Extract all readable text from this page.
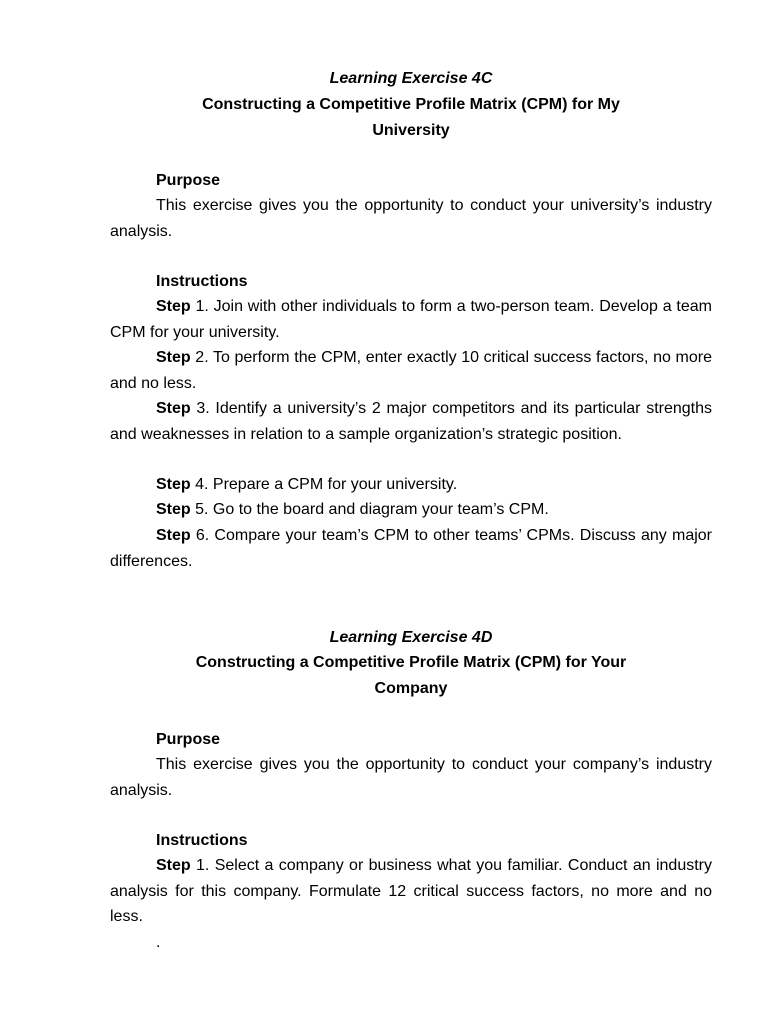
Learning Exercise 4C
Constructing a Competitive Profile Matrix (CPM) for My
University
Purpose
This exercise gives you the opportunity to conduct your university’s industry analysis.
Instructions
Step 1. Join with other individuals to form a two-person team. Develop a team CPM for your university.
Step 2. To perform the CPM, enter exactly 10 critical success factors, no more and no less.
Step 3. Identify a university’s 2 major competitors and its particular strengths and weaknesses in relation to a sample organization’s strategic position.
Step 4. Prepare a CPM for your university.
Step 5. Go to the board and diagram your team’s CPM.
Step 6. Compare your team’s CPM to other teams’ CPMs. Discuss any major differences.
Learning Exercise 4D
Constructing a Competitive Profile Matrix (CPM) for Your
Company
Purpose
This exercise gives you the opportunity to conduct your company’s industry analysis.
Instructions
Step 1. Select a company or business what you familiar. Conduct an industry analysis for this company. Formulate 12 critical success factors, no more and no less.
.
